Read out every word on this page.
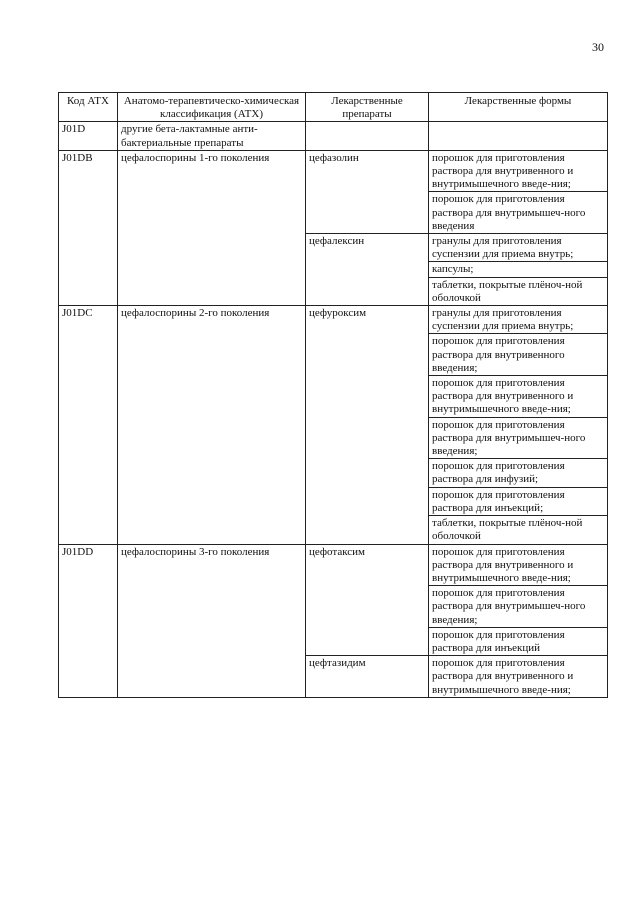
30
Код АТХ	Анатомо-терапевтическо-химическая классификация (АТХ)	Лекарственные препараты	Лекарственные формы
J01D	другие бета-лактамные анти-бактериальные препараты		
J01DB	цефалоспорины 1-го поколения	цефазолин	порошок для приготовления раствора для внутривенного и внутримышечного введе-ния;
			порошок для приготовления раствора для внутримышеч-ного введения
		цефалексин	гранулы для приготовления суспензии для приема внутрь;
			капсулы;
			таблетки, покрытые плёноч-ной оболочкой
J01DC	цефалоспорины 2-го поколения	цефуроксим	гранулы для приготовления суспензии для приема внутрь;
			порошок для приготовления раствора для внутривенного введения;
			порошок для приготовления раствора для внутривенного и внутримышечного введе-ния;
			порошок для приготовления раствора для внутримышеч-ного введения;
			порошок для приготовления раствора для инфузий;
			порошок для приготовления раствора для инъекций;
			таблетки, покрытые плёноч-ной оболочкой
J01DD	цефалоспорины 3-го поколения	цефотаксим	порошок для приготовления раствора для внутривенного и внутримышечного введе-ния;
			порошок для приготовления раствора для внутримышеч-ного введения;
			порошок для приготовления раствора для инъекций
		цефтазидим	порошок для приготовления раствора для внутривенного и внутримышечного введе-ния;
